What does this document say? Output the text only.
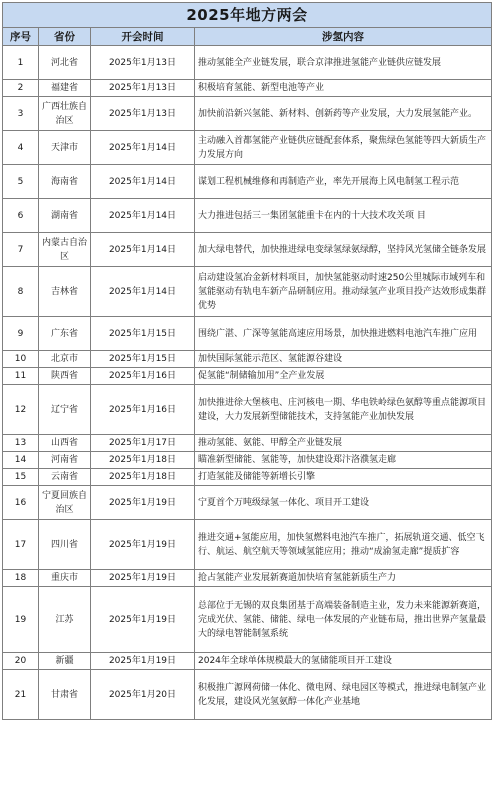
2025年地方两会			
序号	省份	开会时间	涉氢内容
1	河北省	2025年1月13日	推动氢能全产业链发展，联合京津推进氢能产业链供应链发展
2	福建省	2025年1月13日	积极培育氢能、新型电池等产业
3	广西壮族自治区	2025年1月13日	加快前沿新兴氢能、新材料、创新药等产业发展，大力发展氢能产业。
4	天津市	2025年1月14日	主动融入首都氢能产业链供应链配套体系，聚焦绿色氢能等四大新质生产力发展方向
5	海南省	2025年1月14日	谋划工程机械维修和再制造产业，率先开展海上风电制氢工程示范
6	湖南省	2025年1月14日	大力推进包括三一集团氢能重卡在内的十大技术攻关项 目
7	内蒙古自治区	2025年1月14日	加大绿电替代，加快推进绿电变绿氢绿氨绿醇，坚持风光氢储全链条发展
8	吉林省	2025年1月14日	启动建设氢冶金新材料项目，加快氢能驱动时速250公里城际市域列车和氢能驱动有轨电车新产品研制应用。推动绿氢产业项目投产达效形成集群优势
9	广东省	2025年1月15日	围绕广湛、广深等氢能高速应用场景，加快推进燃料电池汽车推广应用
10	北京市	2025年1月15日	加快国际氢能示范区、氢能源谷建设
11	陕西省	2025年1月16日	促氢能“制储输加用”全产业发展
12	辽宁省	2025年1月16日	加快推进徐大堡核电、庄河核电一期、华电铁岭绿色氨醇等重点能源项目建设，大力发展新型储能技术，支持氢能产业加快发展
13	山西省	2025年1月17日	推动氢能、氨能、甲醇全产业链发展
14	河南省	2025年1月18日	瞄准新型储能、氢能等，加快建设郑汴洛濮氢走廊
15	云南省	2025年1月18日	打造氢能及储能等新增长引擎
16	宁夏回族自治区	2025年1月19日	宁夏首个万吨级绿氢一体化、项目开工建设
17	四川省	2025年1月19日	推进交通+氢能应用，加快氢燃料电池汽车推广，拓展轨道交通、低空飞行、航运、航空航天等领域氢能应用；推动“成渝氢走廊”提质扩容
18	重庆市	2025年1月19日	抢占氢能产业发展新赛道加快培育氢能新质生产力
19	江苏	2025年1月19日	总部位于无锡的双良集团基于高端装备制造主业，发力未来能源新赛道，完成光伏、氢能、储能、绿电一体发展的产业链布局，推出世界产氢量最大的绿电智能制氢系统
20	新疆	2025年1月19日	2024年全球单体规模最大的氢储能项目开工建设
21	甘肃省	2025年1月20日	积极推广源网荷储一体化、微电网、绿电园区等模式，推进绿电制氢产业化发展，建设风光氢氨醇一体化产业基地
